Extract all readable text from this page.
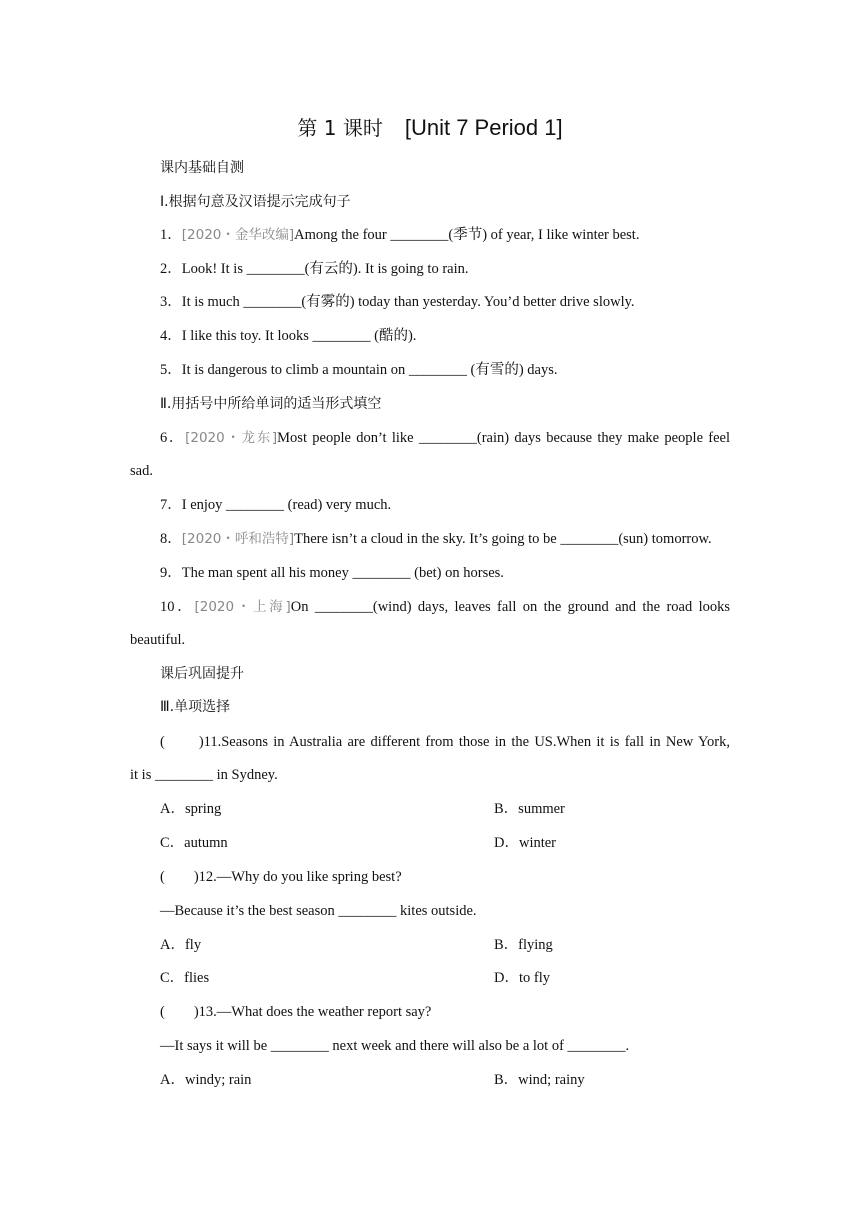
第 1 课时 [Unit 7 Period 1]
课内基础自测
Ⅰ.根据句意及汉语提示完成句子
1．[2020・金华改编]Among the four ________(季节) of year, I like winter best.
2．Look! It is ________(有云的). It is going to rain.
3．It is much ________(有雾的) today than yesterday. You’d better drive slowly.
4．I like this toy. It looks ________ (酷的).
5．It is dangerous to climb a mountain on ________ (有雪的) days.
Ⅱ.用括号中所给单词的适当形式填空
6．[2020・龙东]Most people don’t like ________(rain) days because they make people feel
sad.
7．I enjoy ________ (read) very much.
8．[2020・呼和浩特]There isn’t a cloud in the sky. It’s going to be ________(sun) tomorrow.
9．The man spent all his money ________ (bet) on horses.
10．[2020・上海]On ________(wind) days, leaves fall on the ground and the road looks
beautiful.
课后巩固提升
Ⅲ.单项选择
(　　)11.Seasons in Australia are different from those in the US.When it is fall in New York,
it is ________ in Sydney.
A．spring	B．summer
C．autumn	D．winter
(　　)12.—Why do you like spring best?
—Because it’s the best season ________ kites outside.
A．fly	B．flying
C．flies	D．to fly
(　　)13.—What does the weather report say?
—It says it will be ________ next week and there will also be a lot of ________.
A．windy; rain	B．wind; rainy
